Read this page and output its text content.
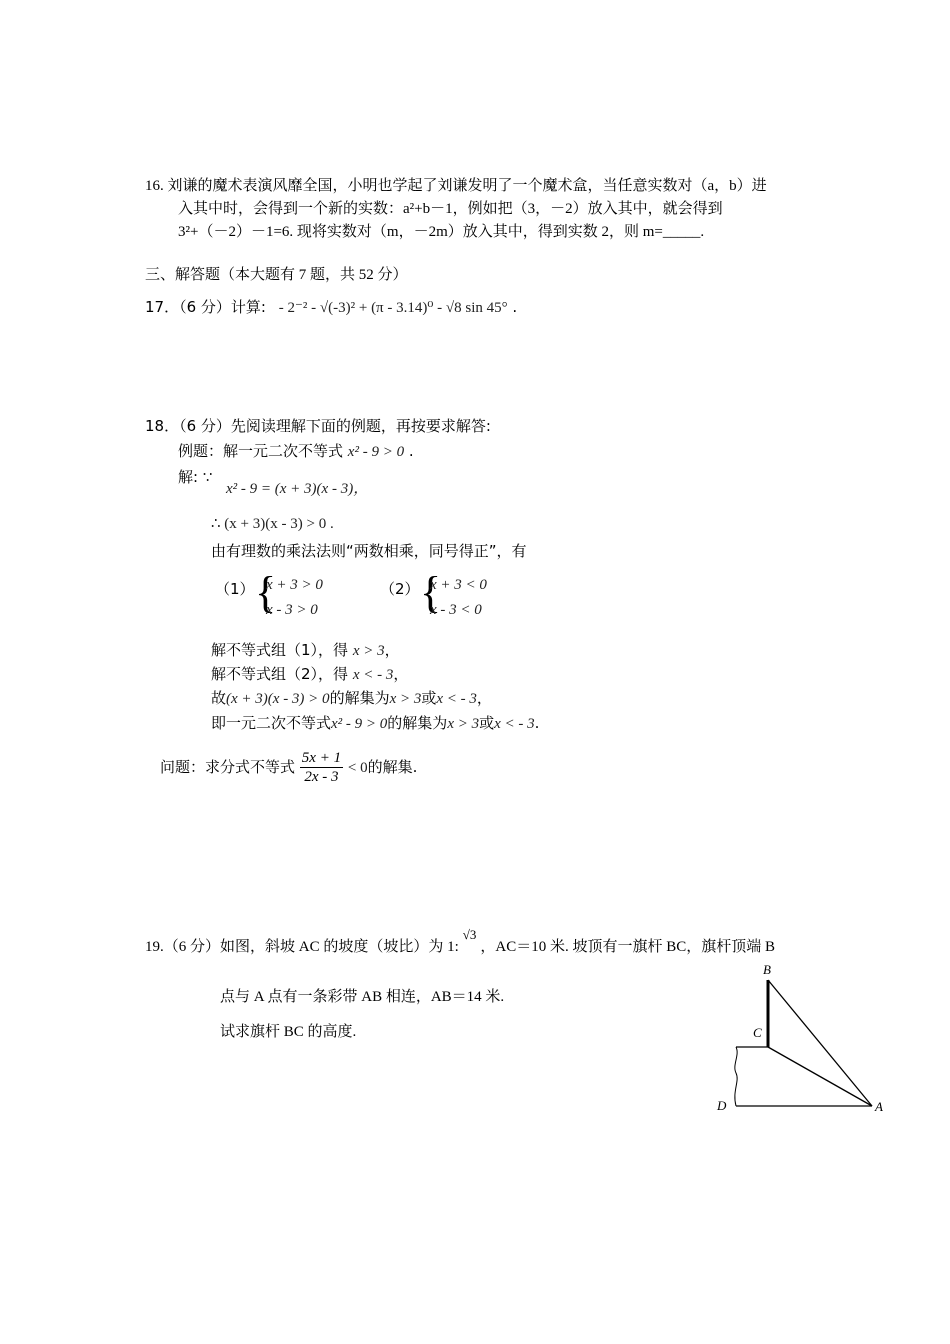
16. 刘谦的魔术表演风靡全国，小明也学起了刘谦发明了一个魔术盒，当任意实数对（a，b）进
入其中时，会得到一个新的实数：a²+b－1，例如把（3，－2）放入其中，就会得到
3²+（－2）－1=6. 现将实数对（m，－2m）放入其中，得到实数 2，则 m=_____.
三、解答题（本大题有 7 题，共 52 分）
17．（6 分）计算: - 2⁻² - √(-3)² + (π - 3.14)⁰ - √8 sin 45° .
18．（6 分）先阅读理解下面的例题，再按要求解答:
例题：解一元二次不等式 x² - 9 > 0 .
解: ∵
x² - 9 = (x + 3)(x - 3)，
∴ (x + 3)(x - 3) > 0 .
由有理数的乘法法则“两数相乘，同号得正”，有
（1） {
x + 3 > 0
x - 3 > 0
（2） {
x + 3 < 0
x - 3 < 0
解不等式组（1），得 x > 3，
解不等式组（2），得 x < - 3，
故(x + 3)(x - 3) > 0的解集为x > 3或x < - 3，
即一元二次不等式x² - 9 > 0的解集为x > 3或x < - 3.
问题：求分式不等式 $\frac{5x + 1}{2x - 3} < 0$的解集.
19.（6 分）如图，斜坡 AC 的坡度（坡比）为 1:√3，AC＝10 米. 坡顶有一旗杆 BC，旗杆顶端 B
点与 A 点有一条彩带 AB 相连，AB＝14 米.
试求旗杆 BC 的高度.
B
C
D	A
